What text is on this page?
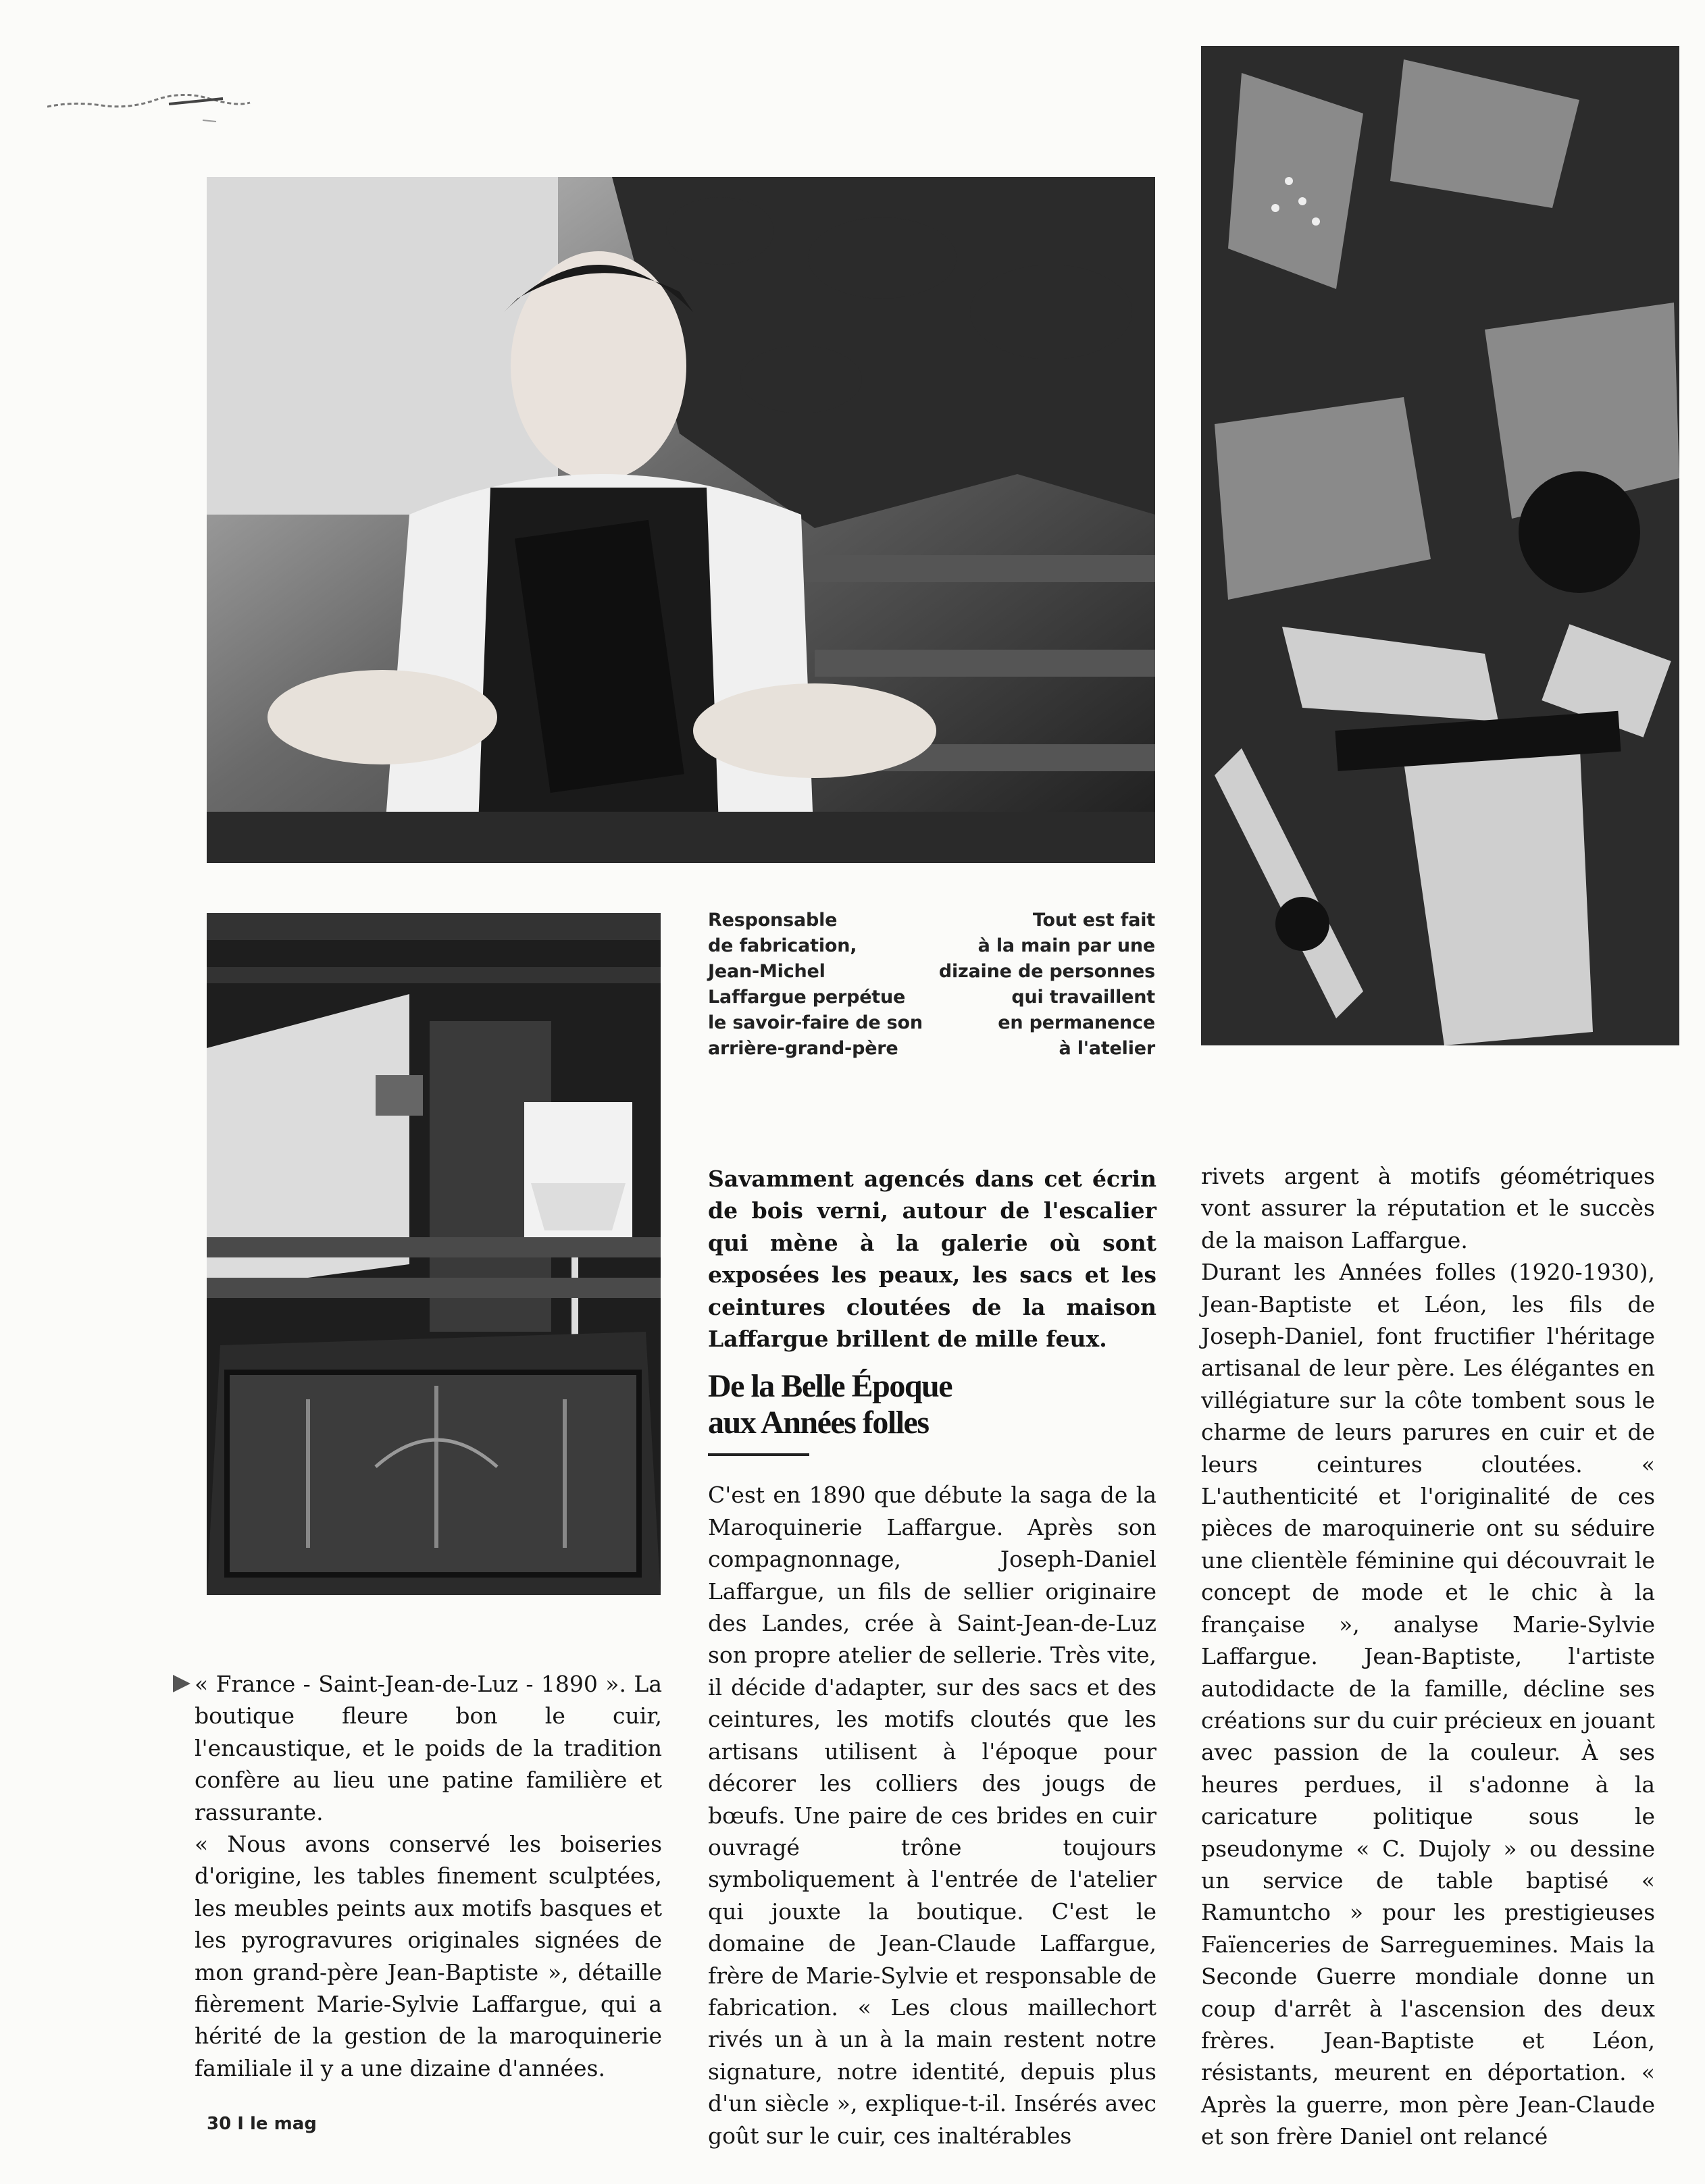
Responsable
de fabrication,
Jean-Michel
Laffargue perpétue
le savoir-faire de son
arrière-grand-père
Tout est fait
à la main par une
dizaine de personnes
qui travaillent
en permanence
à l'atelier

Savamment agencés dans cet écrin de bois verni, autour de l'escalier qui mène à la galerie où sont exposées les peaux, les sacs et les ceintures cloutées de la maison Laffargue brillent de mille feux.

De la Belle Époque
aux Années folles

C'est en 1890 que débute la saga de la Maroquinerie Laffargue. Après son compagnonnage, Joseph-Daniel Laffargue, un fils de sellier originaire des Landes, crée à Saint-Jean-de-Luz son propre atelier de sellerie. Très vite, il décide d'adapter, sur des sacs et des ceintures, les motifs cloutés que les artisans utilisent à l'époque pour décorer les colliers des jougs de bœufs. Une paire de ces brides en cuir ouvragé trône toujours symboliquement à l'entrée de l'atelier qui jouxte la boutique. C'est le domaine de Jean-Claude Laffargue, frère de Marie-Sylvie et responsable de fabrication. « Les clous maillechort rivés un à un à la main restent notre signature, notre identité, depuis plus d'un siècle », explique-t-il. Insérés avec goût sur le cuir, ces inaltérables

rivets argent à motifs géométriques vont assurer la réputation et le succès de la maison Laffargue.

Durant les Années folles (1920-1930), Jean-Baptiste et Léon, les fils de Joseph-Daniel, font fructifier l'héritage artisanal de leur père. Les élégantes en villégiature sur la côte tombent sous le charme de leurs parures en cuir et de leurs ceintures cloutées. « L'authenticité et l'originalité de ces pièces de maroquinerie ont su séduire une clientèle féminine qui découvrait le concept de mode et le chic à la française », analyse Marie-Sylvie Laffargue. Jean-Baptiste, l'artiste autodidacte de la famille, décline ses créations sur du cuir précieux en jouant avec passion de la couleur. À ses heures perdues, il s'adonne à la caricature politique sous le pseudonyme « C. Dujoly » ou dessine un service de table baptisé « Ramuntcho » pour les prestigieuses Faïenceries de Sarreguemines. Mais la Seconde Guerre mondiale donne un coup d'arrêt à l'ascension des deux frères. Jean-Baptiste et Léon, résistants, meurent en déportation. « Après la guerre, mon père Jean-Claude et son frère Daniel ont relancé

« France - Saint-Jean-de-Luz - 1890 ». La boutique fleure bon le cuir, l'encaustique, et le poids de la tradition confère au lieu une patine familière et rassurante.

« Nous avons conservé les boiseries d'origine, les tables finement sculptées, les meubles peints aux motifs basques et les pyrogravures originales signées de mon grand-père Jean-Baptiste », détaille fièrement Marie-Sylvie Laffargue, qui a hérité de la gestion de la maroquinerie familiale il y a une dizaine d'années.

30 I le mag
